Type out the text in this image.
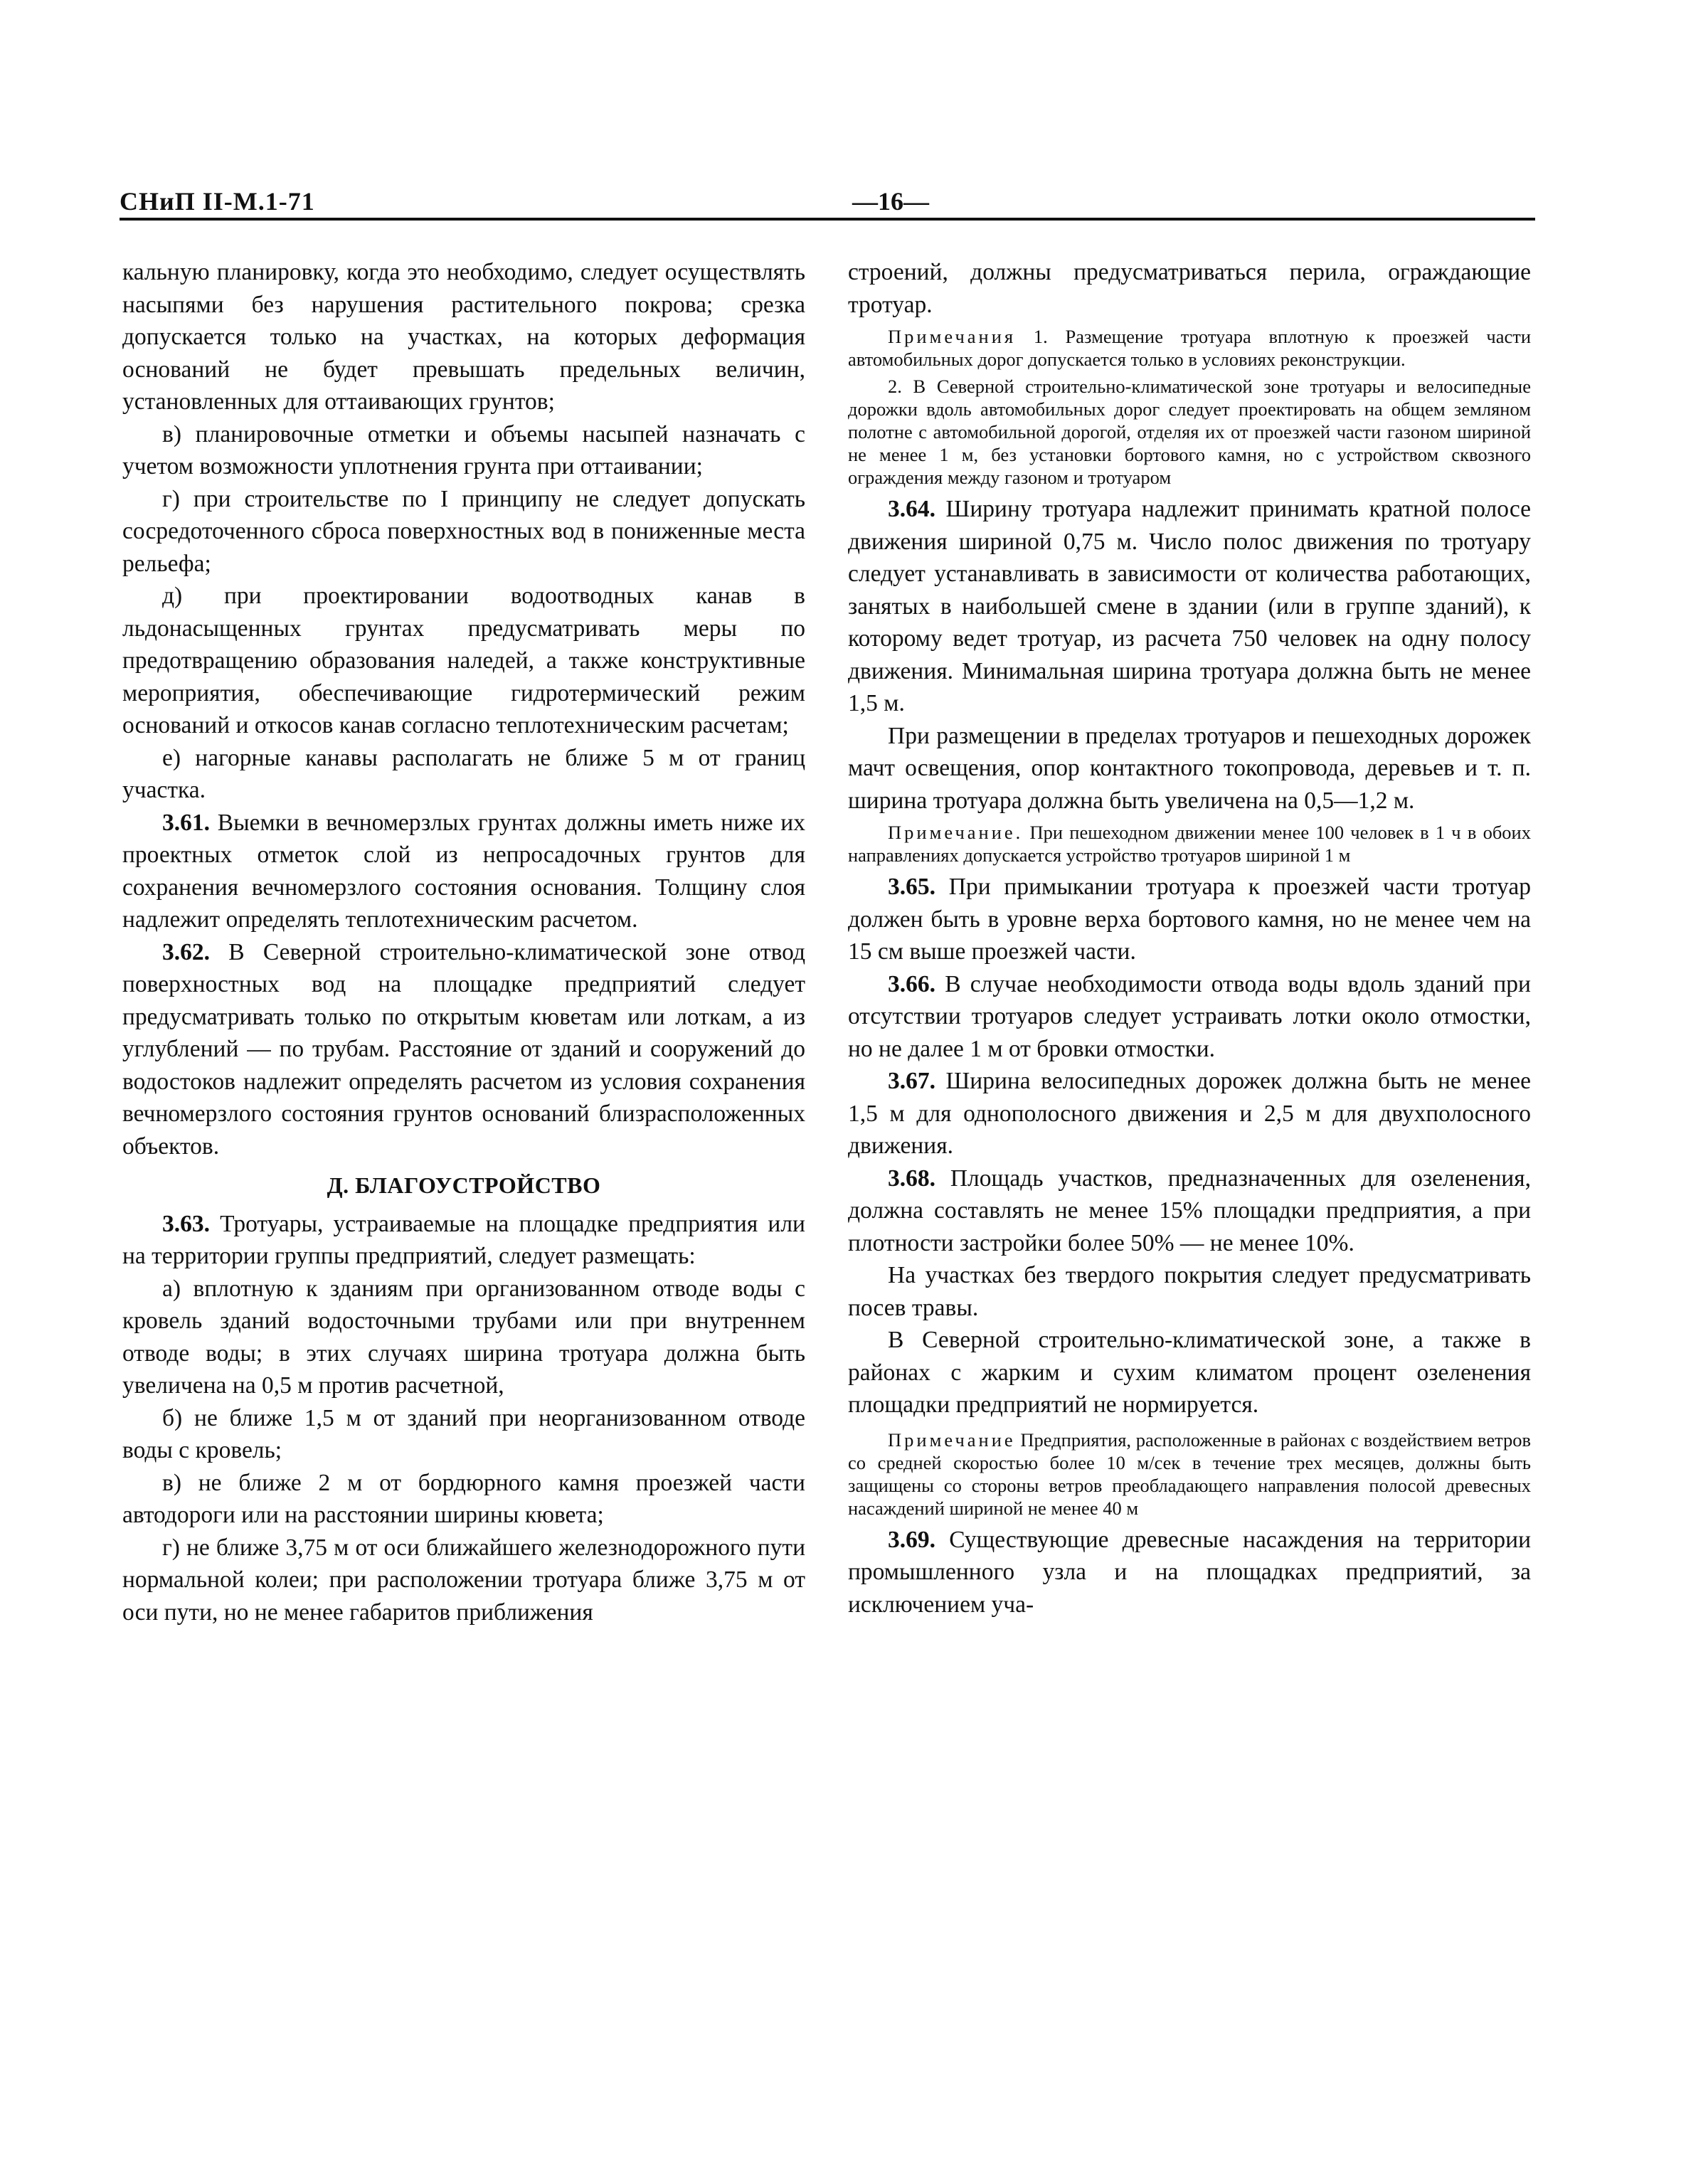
СНиП II-М.1-71	—16—

кальную планировку, когда это необходимо, следует осуществлять насыпями без нарушения растительного покрова; срезка допускается только на участках, на которых деформация оснований не будет превышать предельных величин, установленных для оттаивающих грунтов;

в) планировочные отметки и объемы насыпей назначать с учетом возможности уплотнения грунта при оттаивании;

г) при строительстве по I принципу не следует допускать сосредоточенного сброса поверхностных вод в пониженные места рельефа;

д) при проектировании водоотводных канав в льдонасыщенных грунтах предусматривать меры по предотвращению образования наледей, а также конструктивные мероприятия, обеспечивающие гидротермический режим оснований и откосов канав согласно теплотехническим расчетам;

е) нагорные канавы располагать не ближе 5 м от границ участка.

3.61. Выемки в вечномерзлых грунтах должны иметь ниже их проектных отметок слой из непросадочных грунтов для сохранения вечномерзлого состояния основания. Толщину слоя надлежит определять теплотехническим расчетом.

3.62. В Северной строительно-климатической зоне отвод поверхностных вод на площадке предприятий следует предусматривать только по открытым кюветам или лоткам, а из углублений — по трубам. Расстояние от зданий и сооружений до водостоков надлежит определять расчетом из условия сохранения вечномерзлого состояния грунтов оснований близрасположенных объектов.

Д. БЛАГОУСТРОЙСТВО

3.63. Тротуары, устраиваемые на площадке предприятия или на территории группы предприятий, следует размещать:

а) вплотную к зданиям при организованном отводе воды с кровель зданий водосточными трубами или при внутреннем отводе воды; в этих случаях ширина тротуара должна быть увеличена на 0,5 м против расчетной,

б) не ближе 1,5 м от зданий при неорганизованном отводе воды с кровель;

в) не ближе 2 м от бордюрного камня проезжей части автодороги или на расстоянии ширины кювета;

г) не ближе 3,75 м от оси ближайшего железнодорожного пути нормальной колеи; при расположении тротуара ближе 3,75 м от оси пути, но не менее габаритов приближения

строений, должны предусматриваться перила, ограждающие тротуар.

Примечания 1. Размещение тротуара вплотную к проезжей части автомобильных дорог допускается только в условиях реконструкции.

2. В Северной строительно-климатической зоне тротуары и велосипедные дорожки вдоль автомобильных дорог следует проектировать на общем земляном полотне с автомобильной дорогой, отделяя их от проезжей части газоном шириной не менее 1 м, без установки бортового камня, но с устройством сквозного ограждения между газоном и тротуаром

3.64. Ширину тротуара надлежит принимать кратной полосе движения шириной 0,75 м. Число полос движения по тротуару следует устанавливать в зависимости от количества работающих, занятых в наибольшей смене в здании (или в группе зданий), к которому ведет тротуар, из расчета 750 человек на одну полосу движения. Минимальная ширина тротуара должна быть не менее 1,5 м.

При размещении в пределах тротуаров и пешеходных дорожек мачт освещения, опор контактного токопровода, деревьев и т. п. ширина тротуара должна быть увеличена на 0,5—1,2 м.

Примечание. При пешеходном движении менее 100 человек в 1 ч в обоих направлениях допускается устройство тротуаров шириной 1 м

3.65. При примыкании тротуара к проезжей части тротуар должен быть в уровне верха бортового камня, но не менее чем на 15 см выше проезжей части.

3.66. В случае необходимости отвода воды вдоль зданий при отсутствии тротуаров следует устраивать лотки около отмостки, но не далее 1 м от бровки отмостки.

3.67. Ширина велосипедных дорожек должна быть не менее 1,5 м для однополосного движения и 2,5 м для двухполосного движения.

3.68. Площадь участков, предназначенных для озеленения, должна составлять не менее 15% площадки предприятия, а при плотности застройки более 50% — не менее 10%.

На участках без твердого покрытия следует предусматривать посев травы.

В Северной строительно-климатической зоне, а также в районах с жарким и сухим климатом процент озеленения площадки предприятий не нормируется.

Примечание Предприятия, расположенные в районах с воздействием ветров со средней скоростью более 10 м/сек в течение трех месяцев, должны быть защищены со стороны ветров преобладающего направления полосой древесных насаждений шириной не менее 40 м

3.69. Существующие древесные насаждения на территории промышленного узла и на площадках предприятий, за исключением уча-
